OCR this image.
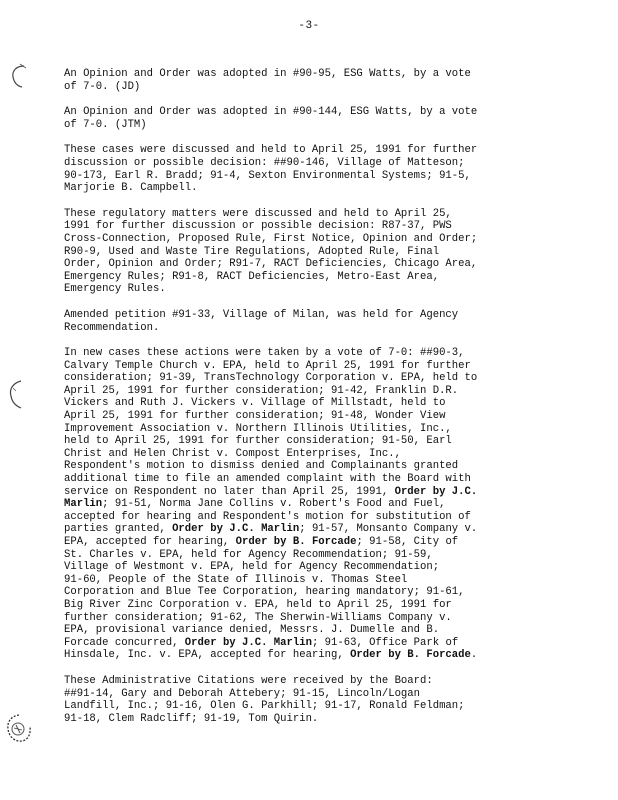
-3-

An Opinion and Order was adopted in #90-95, ESG Watts, by a vote
of 7-0. (JD)

An Opinion and Order was adopted in #90-144, ESG Watts, by a vote
of 7-0. (JTM)

These cases were discussed and held to April 25, 1991 for further
discussion or possible decision: ##90-146, Village of Matteson;
90-173, Earl R. Bradd; 91-4, Sexton Environmental Systems; 91-5,
Marjorie B. Campbell.

These regulatory matters were discussed and held to April 25,
1991 for further discussion or possible decision: R87-37, PWS
Cross-Connection, Proposed Rule, First Notice, Opinion and Order;
R90-9, Used and Waste Tire Regulations, Adopted Rule, Final
Order, Opinion and Order; R91-7, RACT Deficiencies, Chicago Area,
Emergency Rules; R91-8, RACT Deficiencies, Metro-East Area,
Emergency Rules.

Amended petition #91-33, Village of Milan, was held for Agency
Recommendation.

In new cases these actions were taken by a vote of 7-0: ##90-3,
Calvary Temple Church v. EPA, held to April 25, 1991 for further
consideration; 91-39, TransTechnology Corporation v. EPA, held to
April 25, 1991 for further consideration; 91-42, Franklin D.R.
Vickers and Ruth J. Vickers v. Village of Millstadt, held to
April 25, 1991 for further consideration; 91-48, Wonder View
Improvement Association v. Northern Illinois Utilities, Inc.,
held to April 25, 1991 for further consideration; 91-50, Earl
Christ and Helen Christ v. Compost Enterprises, Inc.,
Respondent's motion to dismiss denied and Complainants granted
additional time to file an amended complaint with the Board with
service on Respondent no later than April 25, 1991, Order by J.C.
Marlin; 91-51, Norma Jane Collins v. Robert's Food and Fuel,
accepted for hearing and Respondent's motion for substitution of
parties granted, Order by J.C. Marlin; 91-57, Monsanto Company v.
EPA, accepted for hearing, Order by B. Forcade; 91-58, City of
St. Charles v. EPA, held for Agency Recommendation; 91-59,
Village of Westmont v. EPA, held for Agency Recommendation;
91-60, People of the State of Illinois v. Thomas Steel
Corporation and Blue Tee Corporation, hearing mandatory; 91-61,
Big River Zinc Corporation v. EPA, held to April 25, 1991 for
further consideration; 91-62, The Sherwin-Williams Company v.
EPA, provisional variance denied, Messrs. J. Dumelle and B.
Forcade concurred, Order by J.C. Marlin; 91-63, Office Park of
Hinsdale, Inc. v. EPA, accepted for hearing, Order by B. Forcade.

These Administrative Citations were received by the Board:
##91-14, Gary and Deborah Attebery; 91-15, Lincoln/Logan
Landfill, Inc.; 91-16, Olen G. Parkhill; 91-17, Ronald Feldman;
91-18, Clem Radcliff; 91-19, Tom Quirin.
